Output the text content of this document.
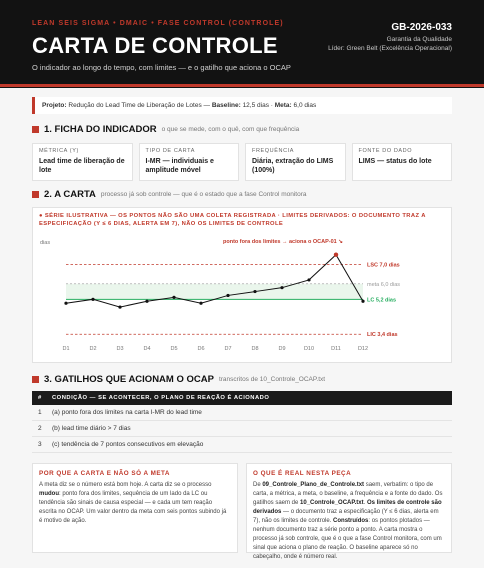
LEAN SEIS SIGMA • DMAIC • FASE CONTROL (CONTROLE)
CARTA DE CONTROLE
O indicador ao longo do tempo, com limites — e o gatilho que aciona o OCAP
GB-2026-033
Garantia da Qualidade
Líder: Green Belt (Excelência Operacional)
Projeto: Redução do Lead Time de Liberação de Lotes — Baseline: 12,5 dias · Meta: 6,0 dias
1. FICHA DO INDICADOR o que se mede, com o quê, com que frequência
MÉTRICA (Y)
Lead time de liberação de lote
TIPO DE CARTA
I-MR — individuais e amplitude móvel
FREQUÊNCIA
Diária, extração do LIMS (100%)
FONTE DO DADO
LIMS — status do lote
2. A CARTA processo já sob controle — que é o estado que a fase Control monitora
● SÉRIE ILUSTRATIVA — OS PONTOS NÃO SÃO UMA COLETA REGISTRADA · LIMITES DERIVADOS: O DOCUMENTO TRAZ A ESPECIFICAÇÃO (Y ≤ 6 DIAS, ALERTA EM 7), NÃO OS LIMITES DE CONTROLE
dias
LSC 7,0 dias
meta 6,0 dias
LC 5,2 dias
LIC 3,4 dias
D1	D2	D3	D4	D5	D6	D7	D8	D9	D10	D11	D12
ponto fora dos limites → aciona o OCAP-01 ↘
3. GATILHOS QUE ACIONAM O OCAP transcritos de 10_Controle_OCAP.txt
#	CONDIÇÃO — SE ACONTECER, O PLANO DE REAÇÃO É ACIONADO
1	(a) ponto fora dos limites na carta I-MR do lead time
2	(b) lead time diário > 7 dias
3	(c) tendência de 7 pontos consecutivos em elevação
POR QUE A CARTA E NÃO SÓ A META
A meta diz se o número está bom hoje. A carta diz se o processo mudou: ponto fora dos limites, sequência de um lado da LC ou tendência são sinais de causa especial — e cada um tem reação escrita no OCAP. Um valor dentro da meta com seis pontos subindo já é motivo de ação.
O QUE É REAL NESTA PEÇA
De 09_Controle_Plano_de_Controle.txt saem, verbatim: o tipo de carta, a métrica, a meta, o baseline, a frequência e a fonte do dado. Os gatilhos saem de 10_Controle_OCAP.txt. Os limites de controle são derivados — o documento traz a especificação (Y ≤ 6 dias, alerta em 7), não os limites de controle. Construídos: os pontos plotados — nenhum documento traz a série ponto a ponto. A carta mostra o processo já sob controle, que é o que a fase Control monitora, com um sinal que aciona o plano de reação. O baseline aparece só no cabeçalho, onde é número real.
